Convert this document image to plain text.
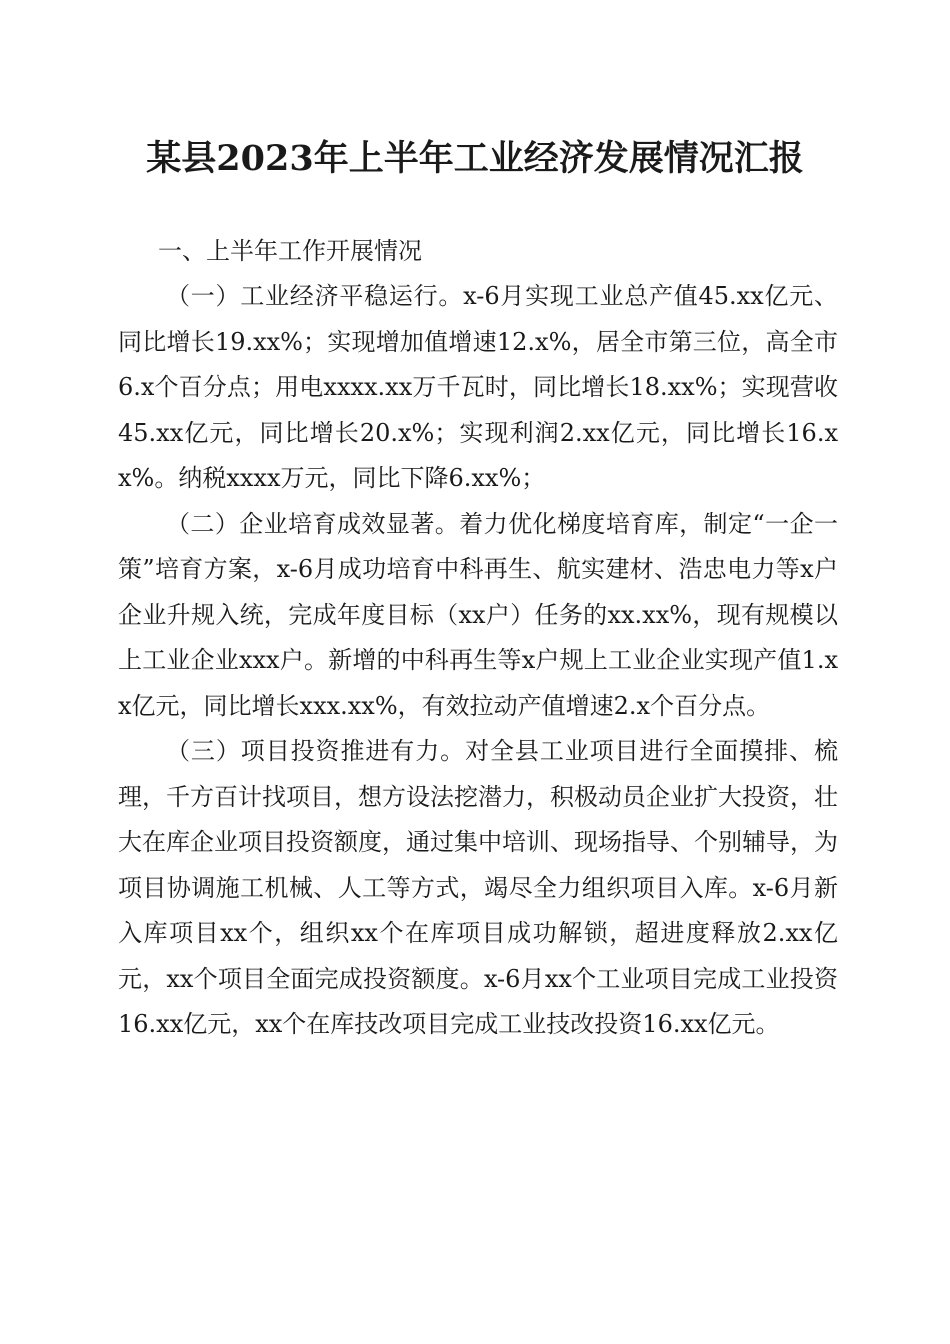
某县2023年上半年工业经济发展情况汇报

一、上半年工作开展情况

（一）工业经济平稳运行。x-6月实现工业总产值45.xx亿元、同比增长19.xx%；实现增加值增速12.x%，居全市第三位，高全市6.x个百分点；用电xxxx.xx万千瓦时，同比增长18.xx%；实现营收45.xx亿元，同比增长20.x%；实现利润2.xx亿元，同比增长16.xx%。纳税xxxx万元，同比下降6.xx%；

（二）企业培育成效显著。着力优化梯度培育库，制定“一企一策”培育方案，x-6月成功培育中科再生、航实建材、浩忠电力等x户企业升规入统，完成年度目标（xx户）任务的xx.xx%，现有规模以上工业企业xxx户。新增的中科再生等x户规上工业企业实现产值1.xx亿元，同比增长xxx.xx%，有效拉动产值增速2.x个百分点。

（三）项目投资推进有力。对全县工业项目进行全面摸排、梳理，千方百计找项目，想方设法挖潜力，积极动员企业扩大投资，壮大在库企业项目投资额度，通过集中培训、现场指导、个别辅导，为项目协调施工机械、人工等方式，竭尽全力组织项目入库。x-6月新入库项目xx个，组织xx个在库项目成功解锁，超进度释放2.xx亿元，xx个项目全面完成投资额度。x-6月xx个工业项目完成工业投资16.xx亿元，xx个在库技改项目完成工业技改投资16.xx亿元。
